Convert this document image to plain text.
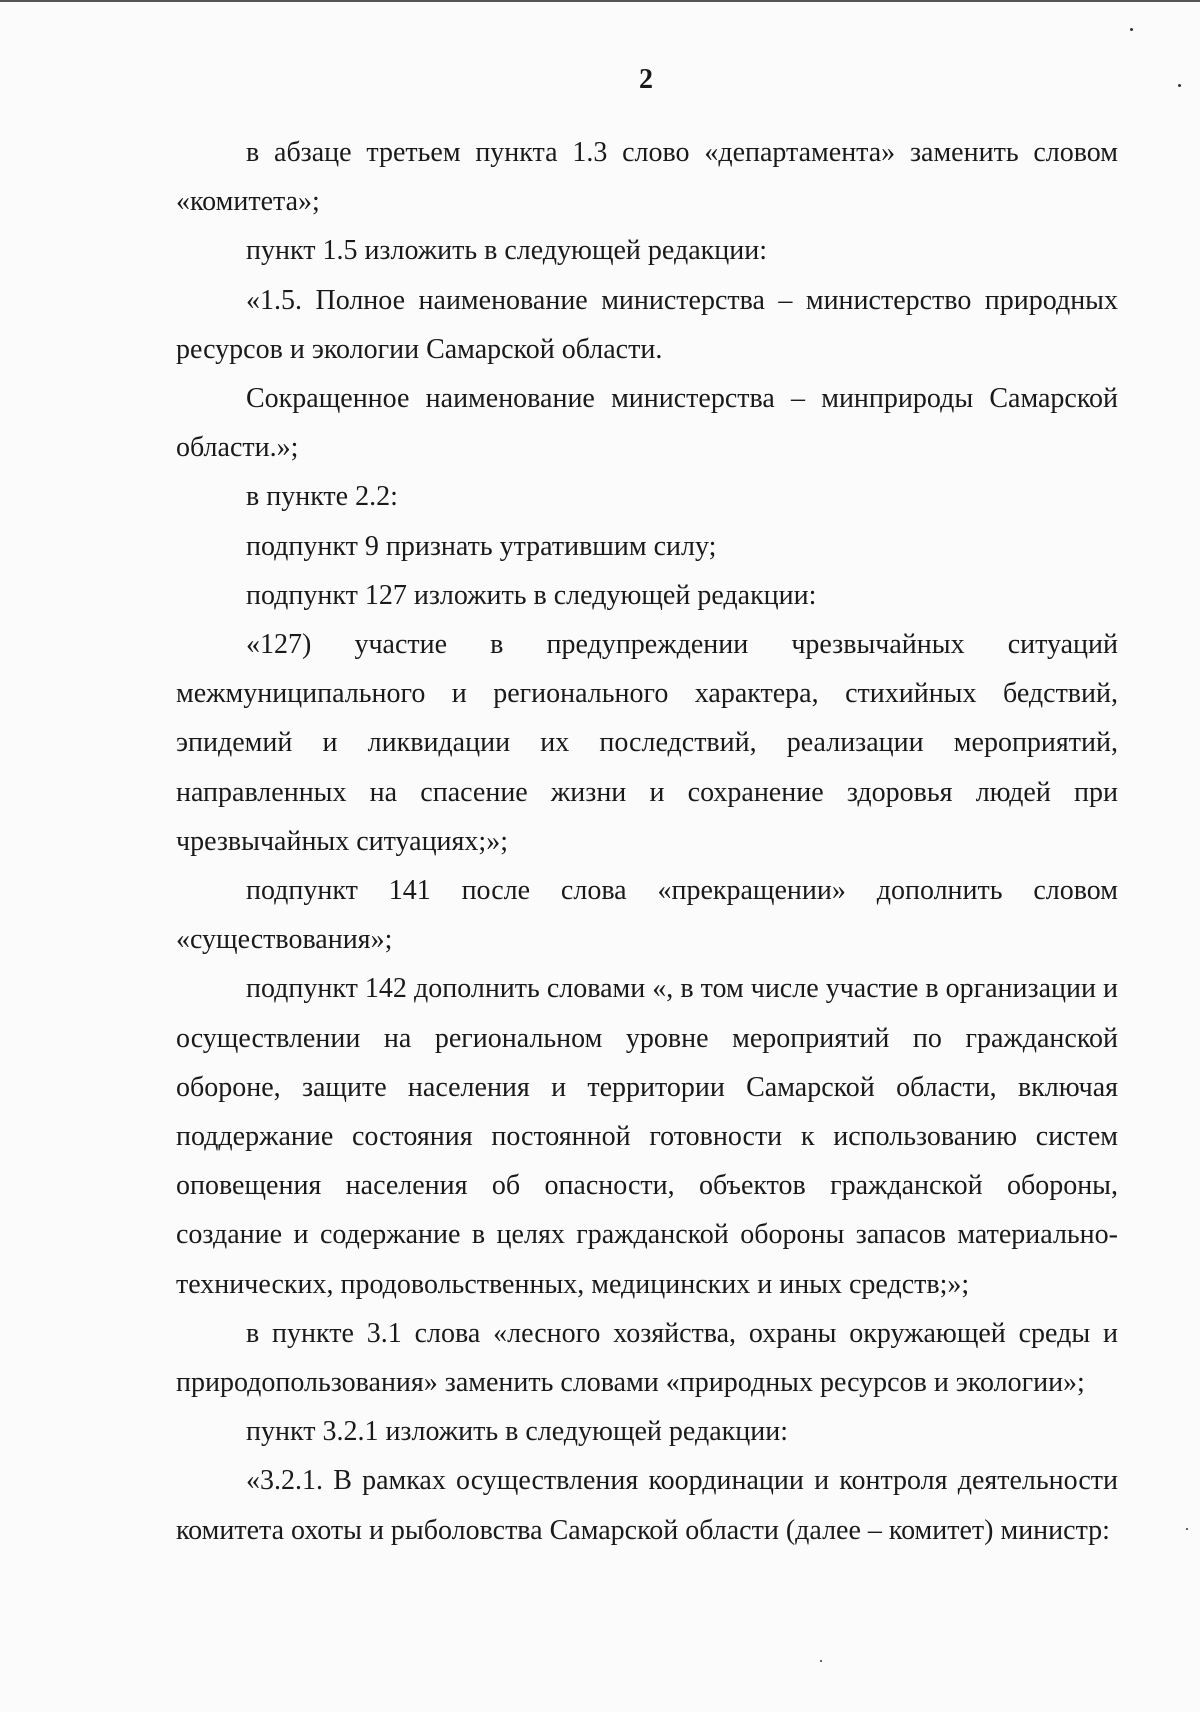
2

в абзаце третьем пункта 1.3 слово «департамента» заменить словом «комитета»;

пункт 1.5 изложить в следующей редакции:

«1.5. Полное наименование министерства – министерство природных ресурсов и экологии Самарской области.

Сокращенное наименование министерства – минприроды Самарской области.»;

в пункте 2.2:

подпункт 9 признать утратившим силу;

подпункт 127 изложить в следующей редакции:

«127) участие в предупреждении чрезвычайных ситуаций межмуниципального и регионального характера, стихийных бедствий, эпидемий и ликвидации их последствий, реализации мероприятий, направленных на спасение жизни и сохранение здоровья людей при чрезвычайных ситуациях;»;

подпункт 141 после слова «прекращении» дополнить словом «существования»;

подпункт 142 дополнить словами «, в том числе участие в организации и осуществлении на региональном уровне мероприятий по гражданской обороне, защите населения и территории Самарской области, включая поддержание состояния постоянной готовности к использованию систем оповещения населения об опасности, объектов гражданской обороны, создание и содержание в целях гражданской обороны запасов материально-технических, продовольственных, медицинских и иных средств;»;

в пункте 3.1 слова «лесного хозяйства, охраны окружающей среды и природопользования» заменить словами «природных ресурсов и экологии»;

пункт 3.2.1 изложить в следующей редакции:

«3.2.1. В рамках осуществления координации и контроля деятельности комитета охоты и рыболовства Самарской области (далее – комитет) министр:
